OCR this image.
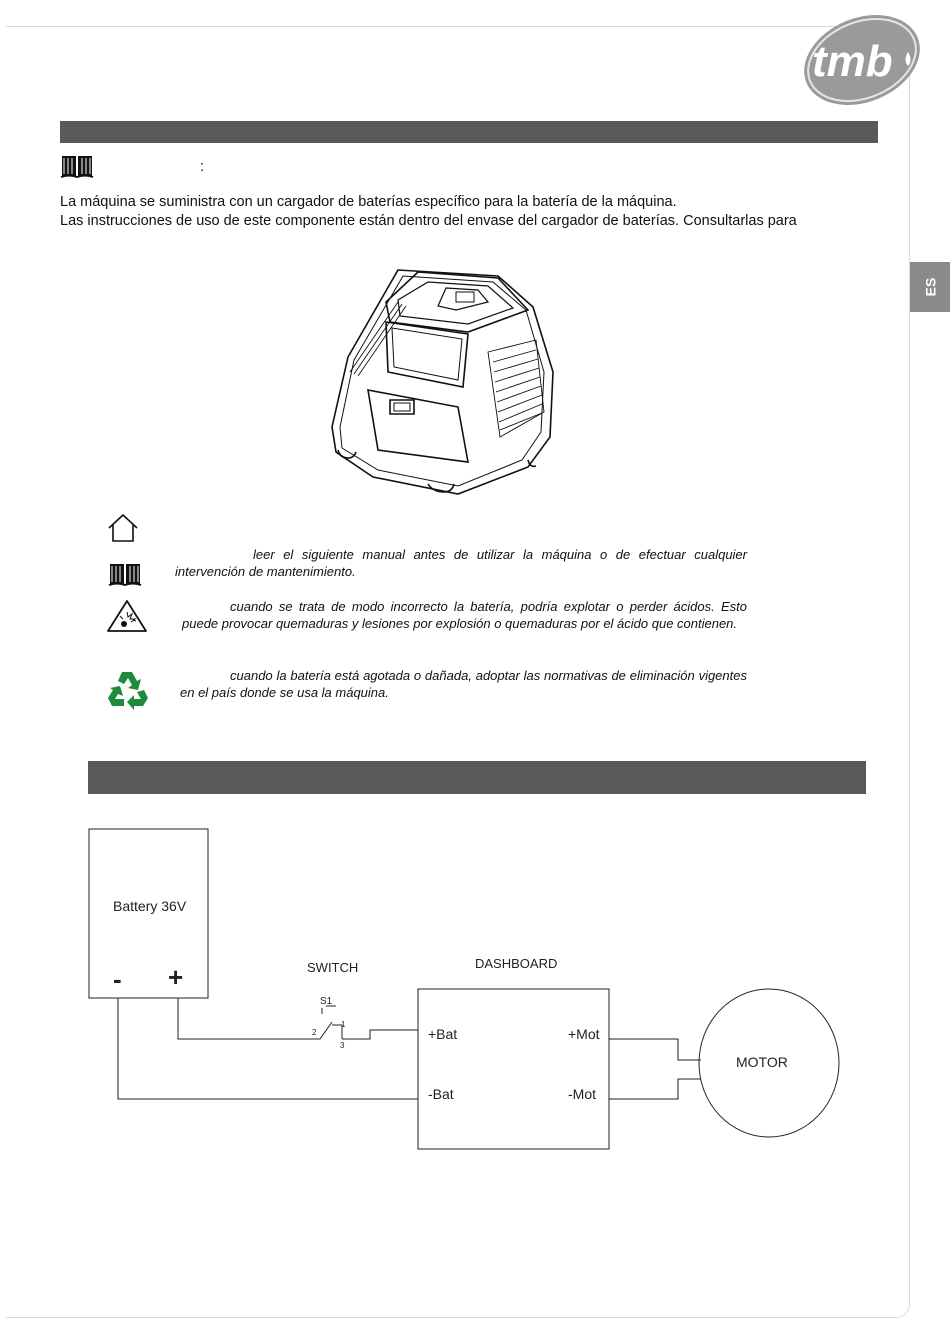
tmb
ES
:
La máquina se suministra con un cargador de baterías específico para la batería de la máquina.
Las instrucciones de uso de este componente están dentro del envase del cargador de baterías. Consultarlas para
leer el siguiente manual antes de utilizar la máquina o de efectuar cualquier intervención de mantenimiento.
cuando se trata de modo incorrecto la batería, podría explotar o perder ácidos. Esto puede provocar quemaduras y lesiones por explosión o quemaduras por el ácido que contienen.
cuando la batería está agotada o dañada, adoptar las normativas de eliminación vigentes en el país donde se usa la máquina.
Battery 36V
- +	SWITCH
S1
2
1
3
DASHBOARD
+Bat
-Bat
+Mot
-Mot
MOTOR
